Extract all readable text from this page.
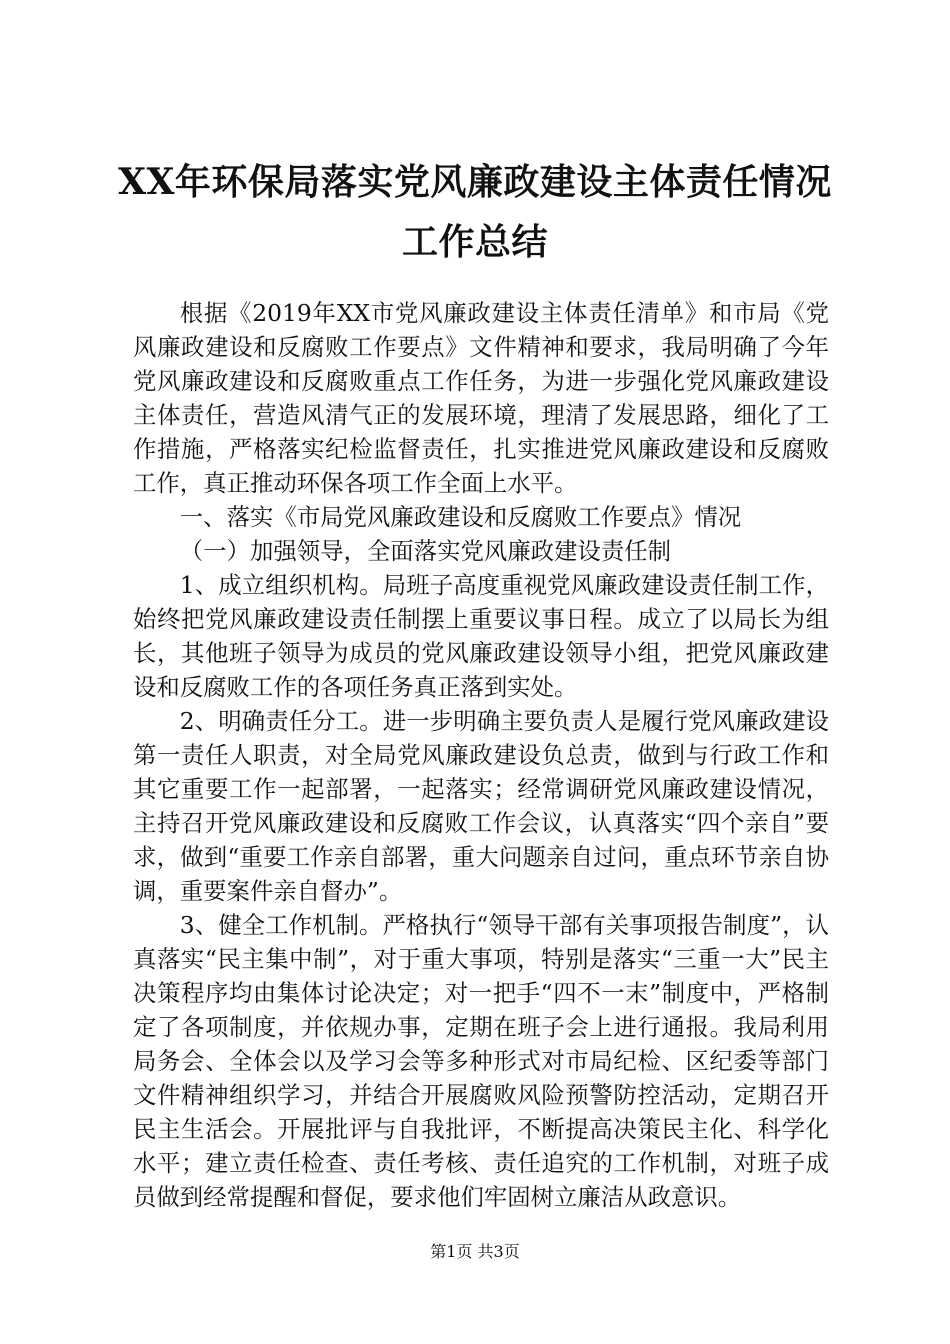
XX年环保局落实党风廉政建设主体责任情况
工作总结

根据《2019年XX市党风廉政建设主体责任清单》和市局《党风廉政建设和反腐败工作要点》文件精神和要求，我局明确了今年党风廉政建设和反腐败重点工作任务，为进一步强化党风廉政建设主体责任，营造风清气正的发展环境，理清了发展思路，细化了工作措施，严格落实纪检监督责任，扎实推进党风廉政建设和反腐败工作，真正推动环保各项工作全面上水平。

一、落实《市局党风廉政建设和反腐败工作要点》情况

（一）加强领导，全面落实党风廉政建设责任制

1、成立组织机构。局班子高度重视党风廉政建设责任制工作，始终把党风廉政建设责任制摆上重要议事日程。成立了以局长为组长，其他班子领导为成员的党风廉政建设领导小组，把党风廉政建设和反腐败工作的各项任务真正落到实处。

2、明确责任分工。进一步明确主要负责人是履行党风廉政建设第一责任人职责，对全局党风廉政建设负总责，做到与行政工作和其它重要工作一起部署，一起落实；经常调研党风廉政建设情况，主持召开党风廉政建设和反腐败工作会议，认真落实“四个亲自”要求，做到“重要工作亲自部署，重大问题亲自过问，重点环节亲自协调，重要案件亲自督办”。

3、健全工作机制。严格执行“领导干部有关事项报告制度”，认真落实“民主集中制”，对于重大事项，特别是落实“三重一大”民主决策程序均由集体讨论决定；对一把手“四不一末”制度中，严格制定了各项制度，并依规办事，定期在班子会上进行通报。我局利用局务会、全体会以及学习会等多种形式对市局纪检、区纪委等部门文件精神组织学习，并结合开展腐败风险预警防控活动，定期召开民主生活会。开展批评与自我批评，不断提高决策民主化、科学化水平；建立责任检查、责任考核、责任追究的工作机制，对班子成员做到经常提醒和督促，要求他们牢固树立廉洁从政意识。

第1页 共3页
